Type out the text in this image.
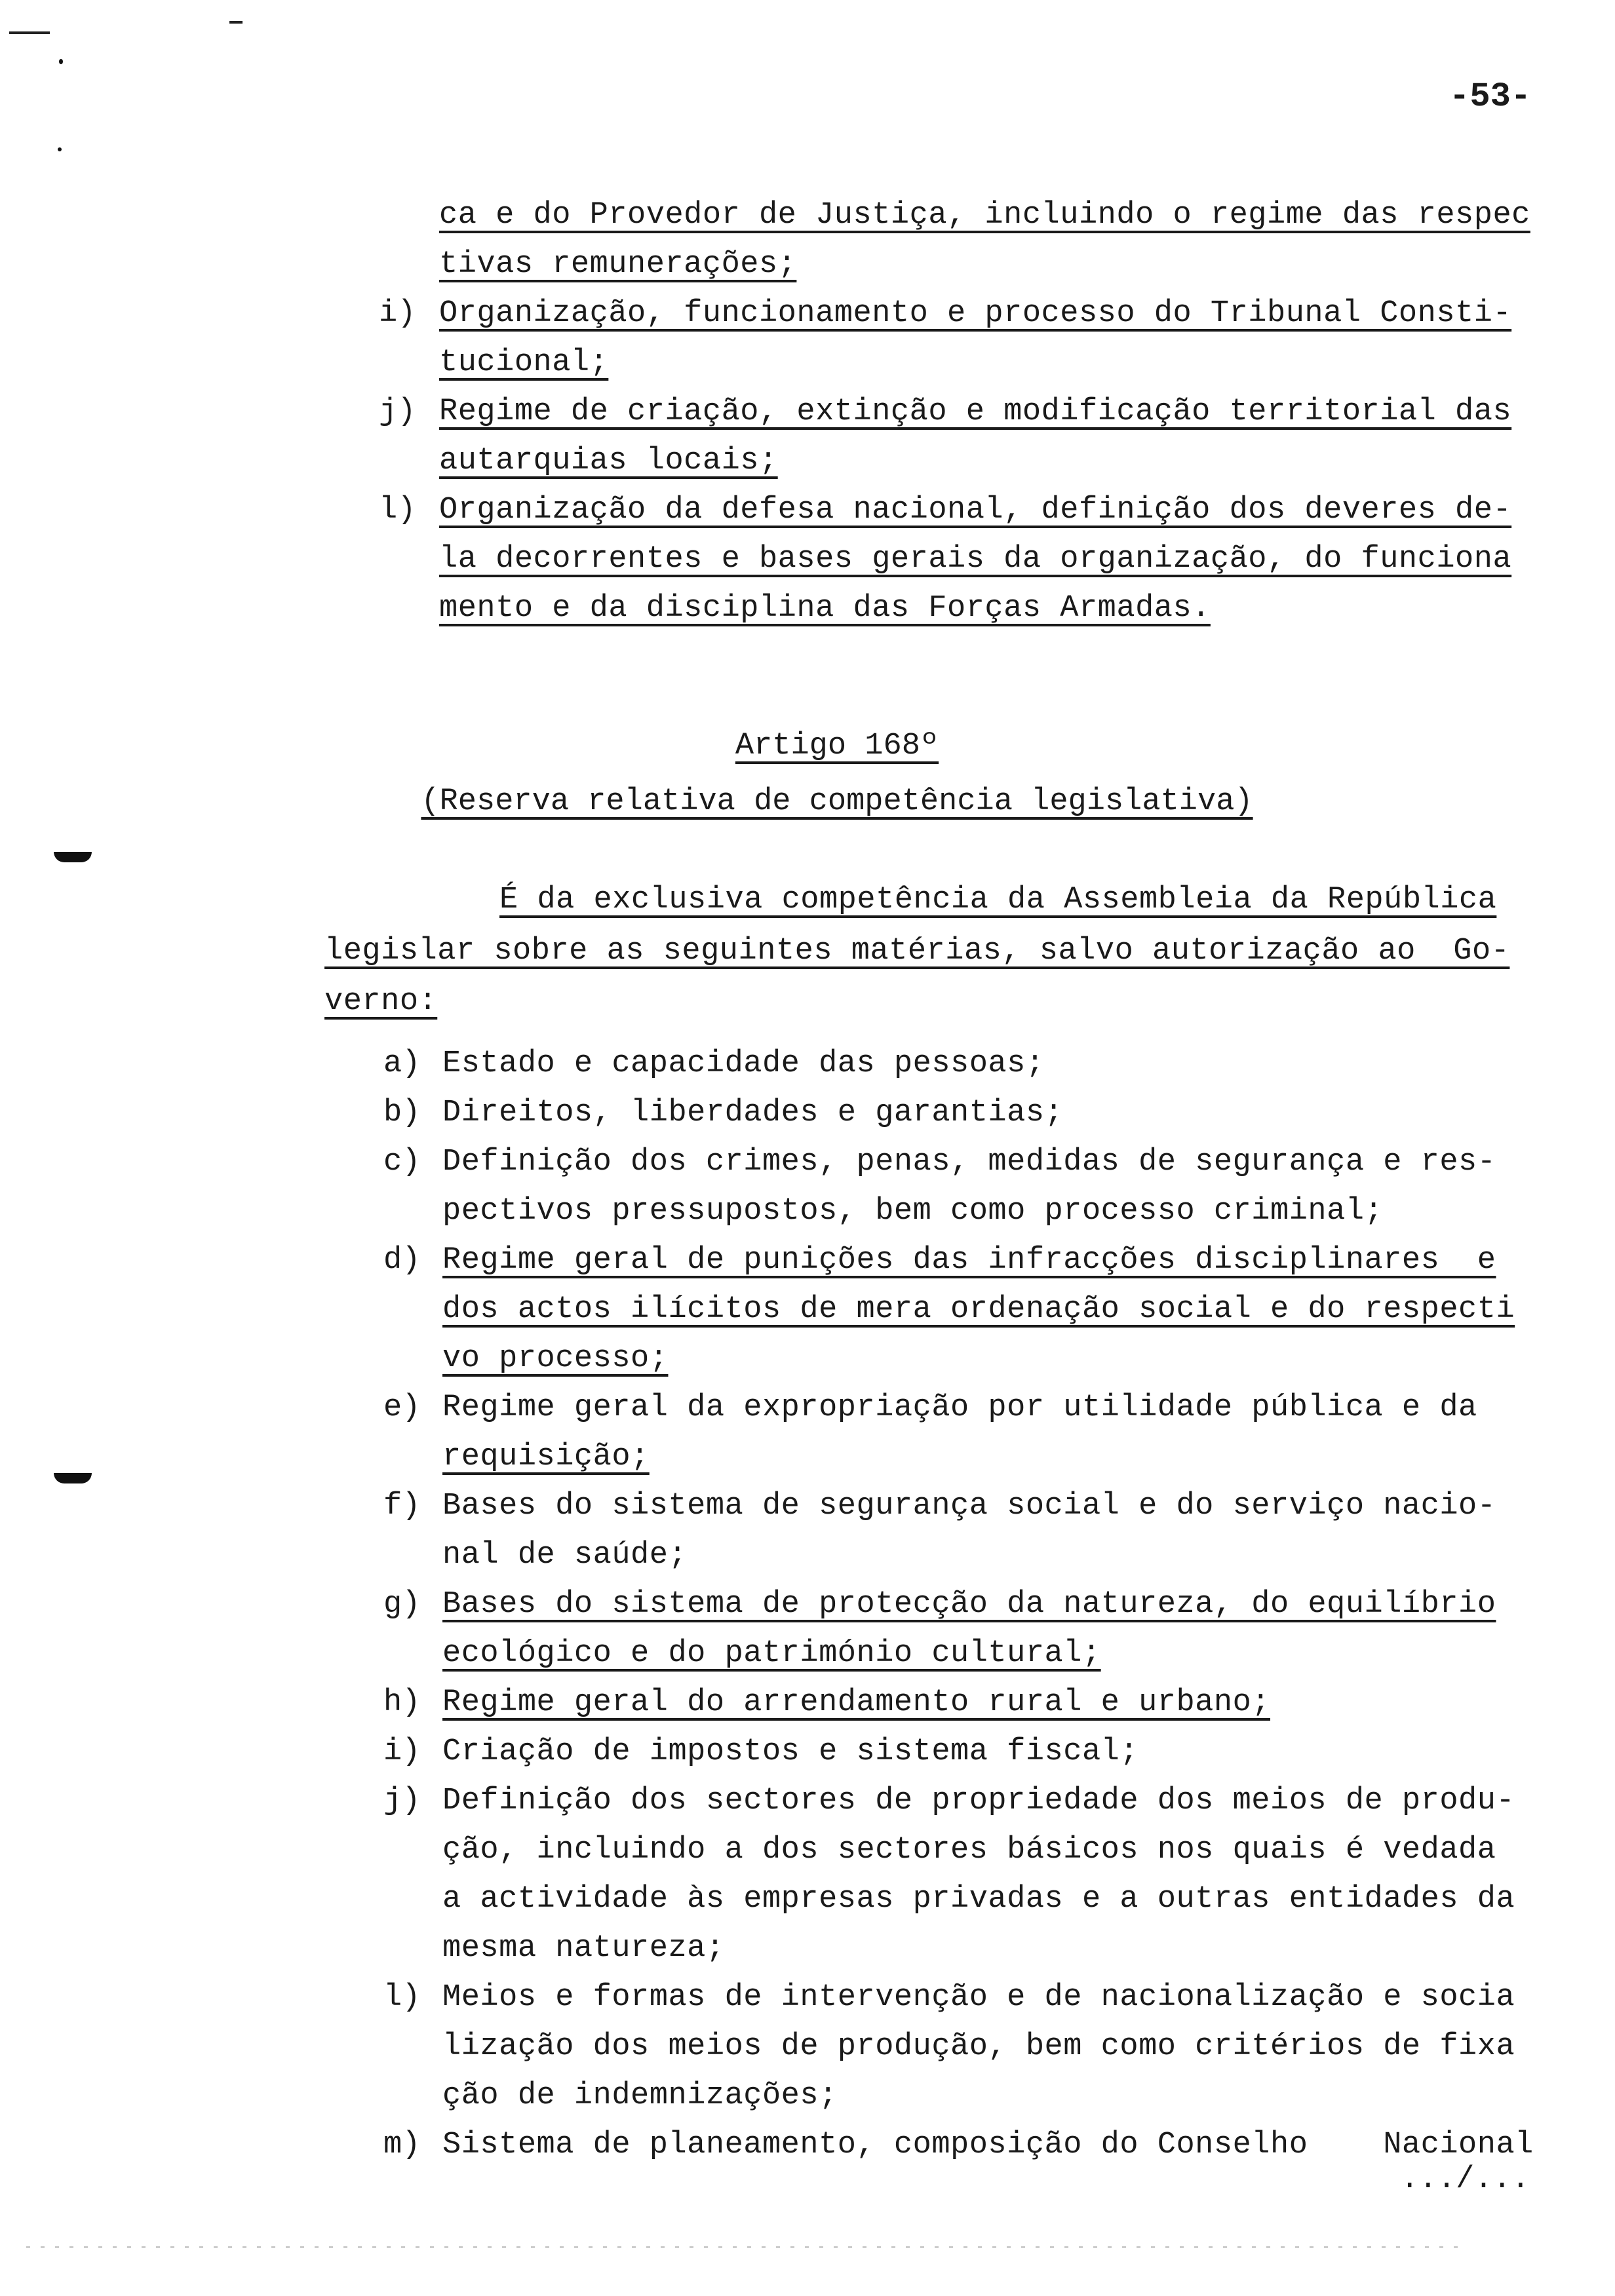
-53-
ca e do Provedor de Justiça, incluindo o regime das respec
tivas remunerações;
i) Organização, funcionamento e processo do Tribunal Consti-
tucional;
j) Regime de criação, extinção e modificação territorial das
autarquias locais;
l) Organização da defesa nacional, definição dos deveres de-
la decorrentes e bases gerais da organização, do funciona
mento e da disciplina das Forças Armadas.
Artigo 168º
(Reserva relativa de competência legislativa)
É da exclusiva competência da Assembleia da República
legislar sobre as seguintes matérias, salvo autorização ao  Go-
verno:
a) Estado e capacidade das pessoas;
b) Direitos, liberdades e garantias;
c) Definição dos crimes, penas, medidas de segurança e res-
pectivos pressupostos, bem como processo criminal;
d) Regime geral de punições das infracções disciplinares  e
dos actos ilícitos de mera ordenação social e do respecti
vo processo;
e) Regime geral da expropriação por utilidade pública e da
requisição;
f) Bases do sistema de segurança social e do serviço nacio-
nal de saúde;
g) Bases do sistema de protecção da natureza, do equilíbrio
ecológico e do património cultural;
h) Regime geral do arrendamento rural e urbano;
i) Criação de impostos e sistema fiscal;
j) Definição dos sectores de propriedade dos meios de produ-
ção, incluindo a dos sectores básicos nos quais é vedada
a actividade às empresas privadas e a outras entidades da
mesma natureza;
l) Meios e formas de intervenção e de nacionalização e socia
lização dos meios de produção, bem como critérios de fixa
ção de indemnizações;
m) Sistema de planeamento, composição do Conselho    Nacional
.../...
